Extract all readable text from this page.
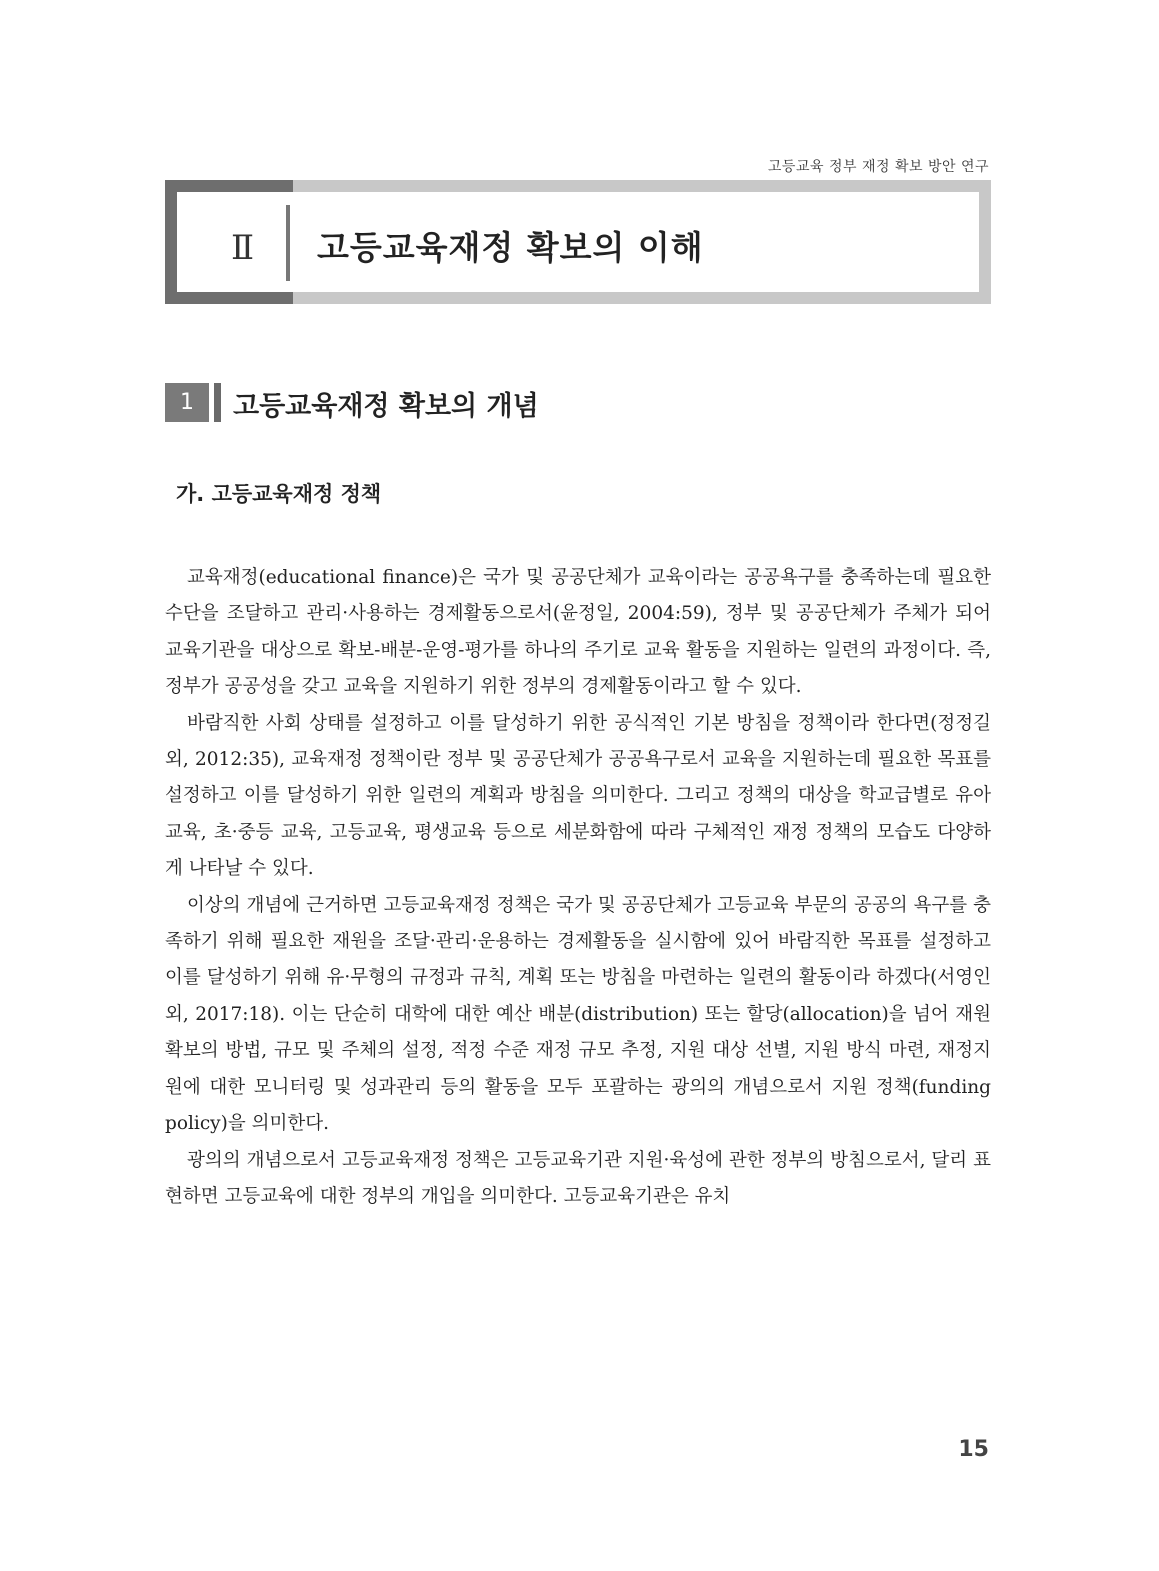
고등교육 정부 재정 확보 방안 연구
Ⅱ 고등교육재정 확보의 이해
1	고등교육재정 확보의 개념
가. 고등교육재정 정책

교육재정(educational finance)은 국가 및 공공단체가 교육이라는 공공욕구를 충족하는데 필요한 수단을 조달하고 관리·사용하는 경제활동으로서(윤정일, 2004:59), 정부 및 공공단체가 주체가 되어 교육기관을 대상으로 확보-배분-운영-평가를 하나의 주기로 교육 활동을 지원하는 일련의 과정이다. 즉, 정부가 공공성을 갖고 교육을 지원하기 위한 정부의 경제활동이라고 할 수 있다.

바람직한 사회 상태를 설정하고 이를 달성하기 위한 공식적인 기본 방침을 정책이라 한다면(정정길 외, 2012:35), 교육재정 정책이란 정부 및 공공단체가 공공욕구로서 교육을 지원하는데 필요한 목표를 설정하고 이를 달성하기 위한 일련의 계획과 방침을 의미한다. 그리고 정책의 대상을 학교급별로 유아교육, 초·중등 교육, 고등교육, 평생교육 등으로 세분화함에 따라 구체적인 재정 정책의 모습도 다양하게 나타날 수 있다.

이상의 개념에 근거하면 고등교육재정 정책은 국가 및 공공단체가 고등교육 부문의 공공의 욕구를 충족하기 위해 필요한 재원을 조달·관리·운용하는 경제활동을 실시함에 있어 바람직한 목표를 설정하고 이를 달성하기 위해 유·무형의 규정과 규칙, 계획 또는 방침을 마련하는 일련의 활동이라 하겠다(서영인 외, 2017:18). 이는 단순히 대학에 대한 예산 배분(distribution) 또는 할당(allocation)을 넘어 재원 확보의 방법, 규모 및 주체의 설정, 적정 수준 재정 규모 추정, 지원 대상 선별, 지원 방식 마련, 재정지원에 대한 모니터링 및 성과관리 등의 활동을 모두 포괄하는 광의의 개념으로서 지원 정책(funding policy)을 의미한다.

광의의 개념으로서 고등교육재정 정책은 고등교육기관 지원·육성에 관한 정부의 방침으로서, 달리 표현하면 고등교육에 대한 정부의 개입을 의미한다. 고등교육기관은 유치

15
